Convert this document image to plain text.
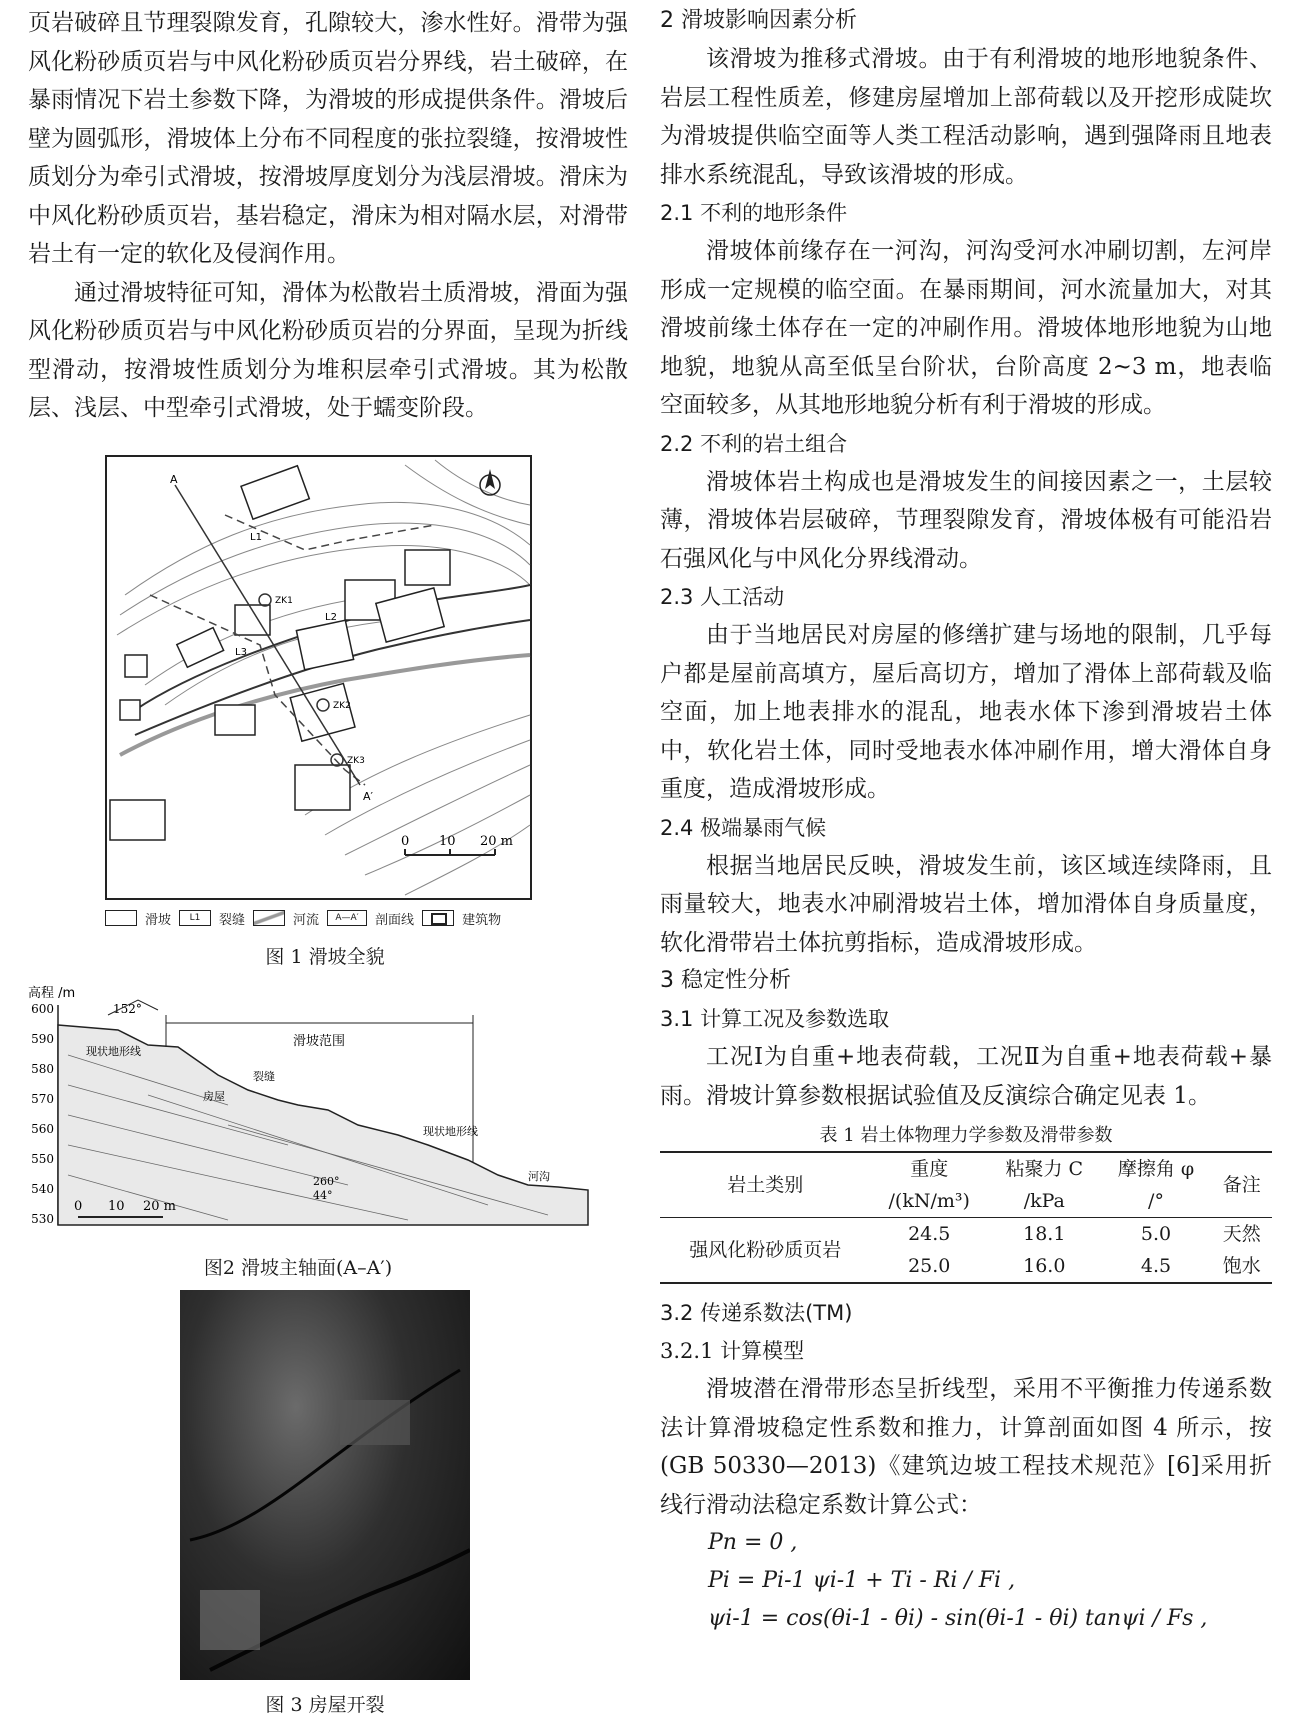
页岩破碎且节理裂隙发育，孔隙较大，渗水性好。滑带为强风化粉砂质页岩与中风化粉砂质页岩分界线，岩土破碎，在暴雨情况下岩土参数下降，为滑坡的形成提供条件。滑坡后壁为圆弧形，滑坡体上分布不同程度的张拉裂缝，按滑坡性质划分为牵引式滑坡，按滑坡厚度划分为浅层滑坡。滑床为中风化粉砂质页岩，基岩稳定，滑床为相对隔水层，对滑带岩土有一定的软化及侵润作用。

通过滑坡特征可知，滑体为松散岩土质滑坡，滑面为强风化粉砂质页岩与中风化粉砂质页岩的分界面，呈现为折线型滑动，按滑坡性质划分为堆积层牵引式滑坡。其为松散层、浅层、中型牵引式滑坡，处于蠕变阶段。

ZK1
ZK2
ZK3
L1
L2
L3
A
A′
0 10 20 m
滑坡	L1	裂缝	河流	A—A′	剖面线	建筑物

图 1 滑坡全貌

高程 /m
600
590
580
570
560
550
540
530
滑坡范围
152°
现状地形线
现状地形线
房屋
裂缝
河沟
260°
44°
0 10 20 m

图2 滑坡主轴面(A–A′)

图 3 房屋开裂

2 滑坡影响因素分析

该滑坡为推移式滑坡。由于有利滑坡的地形地貌条件、岩层工程性质差，修建房屋增加上部荷载以及开挖形成陡坎为滑坡提供临空面等人类工程活动影响，遇到强降雨且地表排水系统混乱，导致该滑坡的形成。

2.1 不利的地形条件

滑坡体前缘存在一河沟，河沟受河水冲刷切割，左河岸形成一定规模的临空面。在暴雨期间，河水流量加大，对其滑坡前缘土体存在一定的冲刷作用。滑坡体地形地貌为山地地貌，地貌从高至低呈台阶状，台阶高度 2~3 m，地表临空面较多，从其地形地貌分析有利于滑坡的形成。

2.2 不利的岩土组合

滑坡体岩土构成也是滑坡发生的间接因素之一，土层较薄，滑坡体岩层破碎，节理裂隙发育，滑坡体极有可能沿岩石强风化与中风化分界线滑动。

2.3 人工活动

由于当地居民对房屋的修缮扩建与场地的限制，几乎每户都是屋前高填方，屋后高切方，增加了滑体上部荷载及临空面，加上地表排水的混乱，地表水体下渗到滑坡岩土体中，软化岩土体，同时受地表水体冲刷作用，增大滑体自身重度，造成滑坡形成。

2.4 极端暴雨气候

根据当地居民反映，滑坡发生前，该区域连续降雨，且雨量较大，地表水冲刷滑坡岩土体，增加滑体自身质量度，软化滑带岩土体抗剪指标，造成滑坡形成。

3 稳定性分析

3.1 计算工况及参数选取

工况Ⅰ为自重+地表荷载，工况Ⅱ为自重+地表荷载+暴雨。滑坡计算参数根据试验值及反演综合确定见表 1。

表 1 岩土体物理力学参数及滑带参数

岩土类别	重度	粘聚力 C	摩擦角 φ	备注
	/(kN/m³)	/kPa	/°	
强风化粉砂质页岩	24.5	18.1	5.0	天然
	25.0	16.0	4.5	饱水

3.2 传递系数法(TM)

3.2.1 计算模型

滑坡潜在滑带形态呈折线型，采用不平衡推力传递系数法计算滑坡稳定性系数和推力，计算剖面如图 4 所示，按(GB 50330—2013)《建筑边坡工程技术规范》[6]采用折线行滑动法稳定系数计算公式：

Pn = 0 ,

Pi = Pi-1 ψi-1 + Ti - Ri / Fi ,

ψi-1 = cos(θi-1 - θi) - sin(θi-1 - θi) tanψi / Fs ,
